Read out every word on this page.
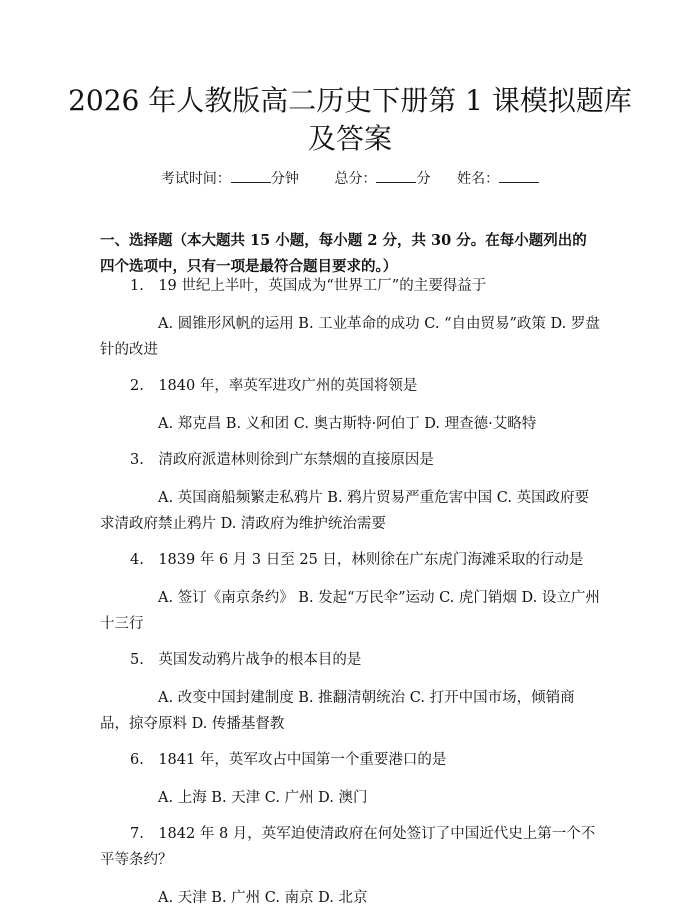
2026 年人教版高二历史下册第 1 课模拟题库
及答案
考试时间：	分钟	总分：	分 姓名：
一、选择题（本大题共 15 小题，每小题 2 分，共 30 分。在每小题列出的四个选项中，只有一项是最符合题目要求的。）
1.　19 世纪上半叶，英国成为“世界工厂”的主要得益于
A. 圆锥形风帆的运用 B. 工业革命的成功 C. “自由贸易”政策 D. 罗盘针的改进
2.　1840 年，率英军进攻广州的英国将领是
A. 郑克昌 B. 义和团 C. 奥古斯特·阿伯丁 D. 理查德·艾略特
3.　清政府派遣林则徐到广东禁烟的直接原因是
A. 英国商船频繁走私鸦片 B. 鸦片贸易严重危害中国 C. 英国政府要求清政府禁止鸦片 D. 清政府为维护统治需要
4.　1839 年 6 月 3 日至 25 日，林则徐在广东虎门海滩采取的行动是
A. 签订《南京条约》 B. 发起“万民伞”运动 C. 虎门销烟 D. 设立广州十三行
5.　英国发动鸦片战争的根本目的是
A. 改变中国封建制度 B. 推翻清朝统治 C. 打开中国市场，倾销商品，掠夺原料 D. 传播基督教
6.　1841 年，英军攻占中国第一个重要港口的是
A. 上海 B. 天津 C. 广州 D. 澳门
7.　1842 年 8 月，英军迫使清政府在何处签订了中国近代史上第一个不平等条约？
A. 天津 B. 广州 C. 南京 D. 北京
